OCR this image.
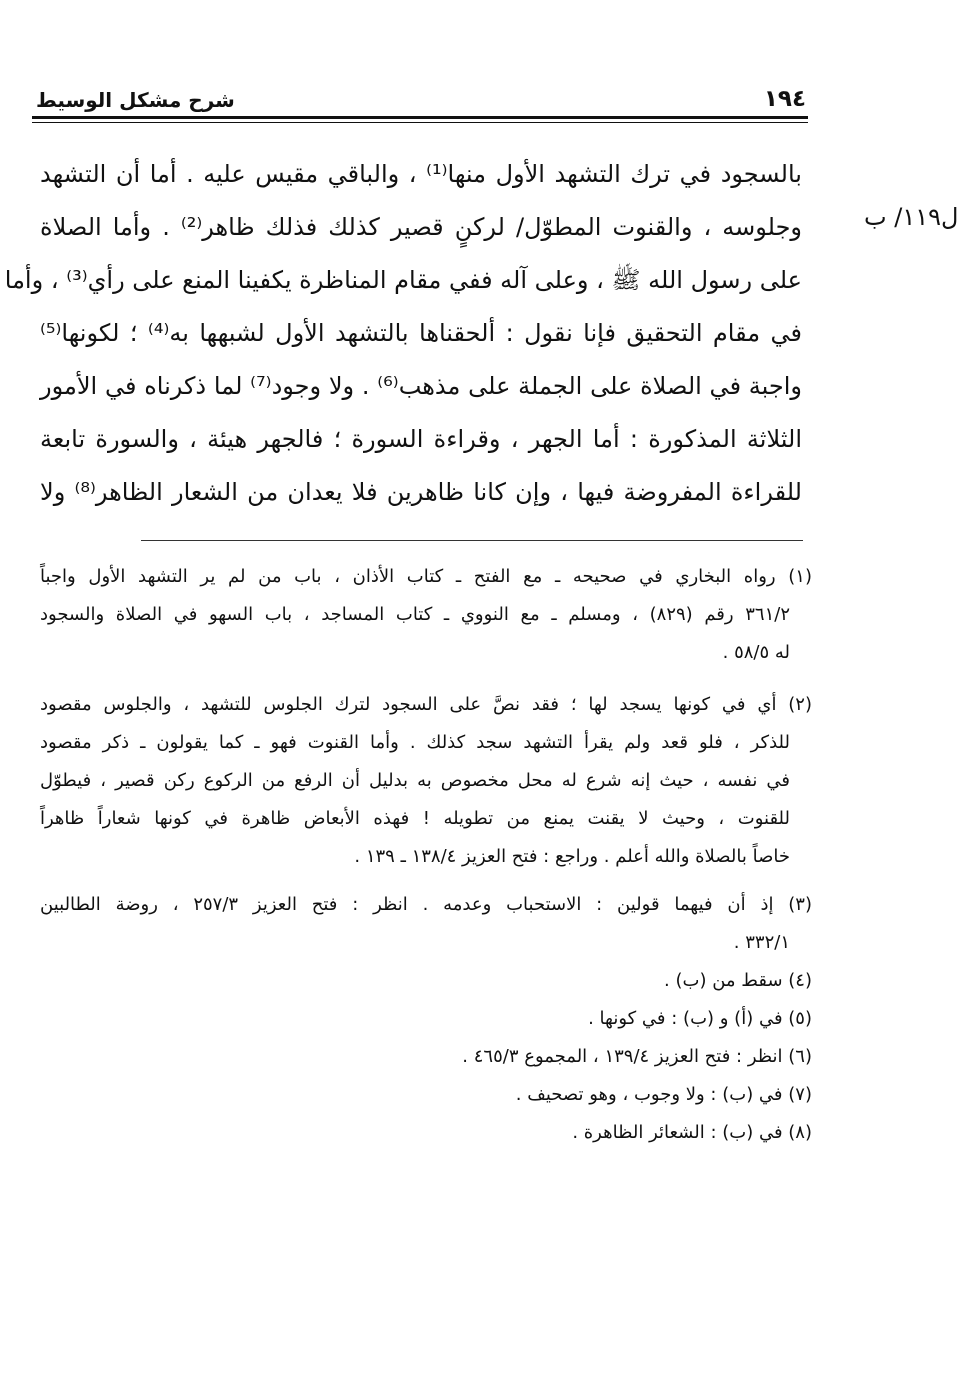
شرح مشكل الوسيط	١٩٤
ل١١٩/ ب
بالسجود في ترك التشهد الأول منها⁽¹⁾ ، والباقي مقيس عليه . أما أن التشهد
وجلوسه ، والقنوت المطوّل/ لركنٍ قصير كذلك فذلك ظاهر⁽²⁾ . وأما الصلاة
على رسول الله ﷺ ، وعلى آله ففي مقام المناظرة يكفينا المنع على رأي⁽³⁾ ، وأما
في مقام التحقيق فإنا نقول : ألحقناها بالتشهد الأول لشبهها به⁽⁴⁾ ؛ لكونها⁽⁵⁾
واجبة في الصلاة على الجملة على مذهب⁽⁶⁾ . ولا وجود⁽⁷⁾ لما ذكرناه في الأمور
الثلاثة المذكورة : أما الجهر ، وقراءة السورة ؛ فالجهر هيئة ، والسورة تابعة
للقراءة المفروضة فيها ، وإن كانا ظاهرين فلا يعدان من الشعار الظاهر⁽⁸⁾ ولا
(١) رواه البخاري في صحيحه ـ مع الفتح ـ كتاب الأذان ، باب من لم ير التشهد الأول واجباً
٣٦١/٢ رقم (٨٢٩) ، ومسلم ـ مع النووي ـ كتاب المساجد ، باب السهو في الصلاة والسجود
له ٥٨/٥ .
(٢) أي في كونها يسجد لها ؛ فقد نصَّ على السجود لترك الجلوس للتشهد ، والجلوس مقصود
للذكر ، فلو قعد ولم يقرأ التشهد سجد كذلك . وأما القنوت فهو ـ كما يقولون ـ ذكر مقصود
في نفسه ، حيث إنه شرع له محل مخصوص به بدليل أن الرفع من الركوع ركن قصير ، فيطوّل
للقنوت ، وحيث لا يقنت يمنع من تطويله ! فهذه الأبعاض ظاهرة في كونها شعاراً ظاهراً
خاصاً بالصلاة والله أعلم . وراجع : فتح العزيز ١٣٨/٤ ـ ١٣٩ .
(٣) إذ أن فيهما قولين : الاستحباب وعدمه . انظر : فتح العزيز ٢٥٧/٣ ، روضة الطالبين
٣٣٢/١ .
(٤) سقط من (ب) .
(٥) في (أ) و (ب) : في كونها .
(٦) انظر : فتح العزيز ١٣٩/٤ ، المجموع ٤٦٥/٣ .
(٧) في (ب) : ولا وجوب ، وهو تصحيف .
(٨) في (ب) : الشعائر الظاهرة .
